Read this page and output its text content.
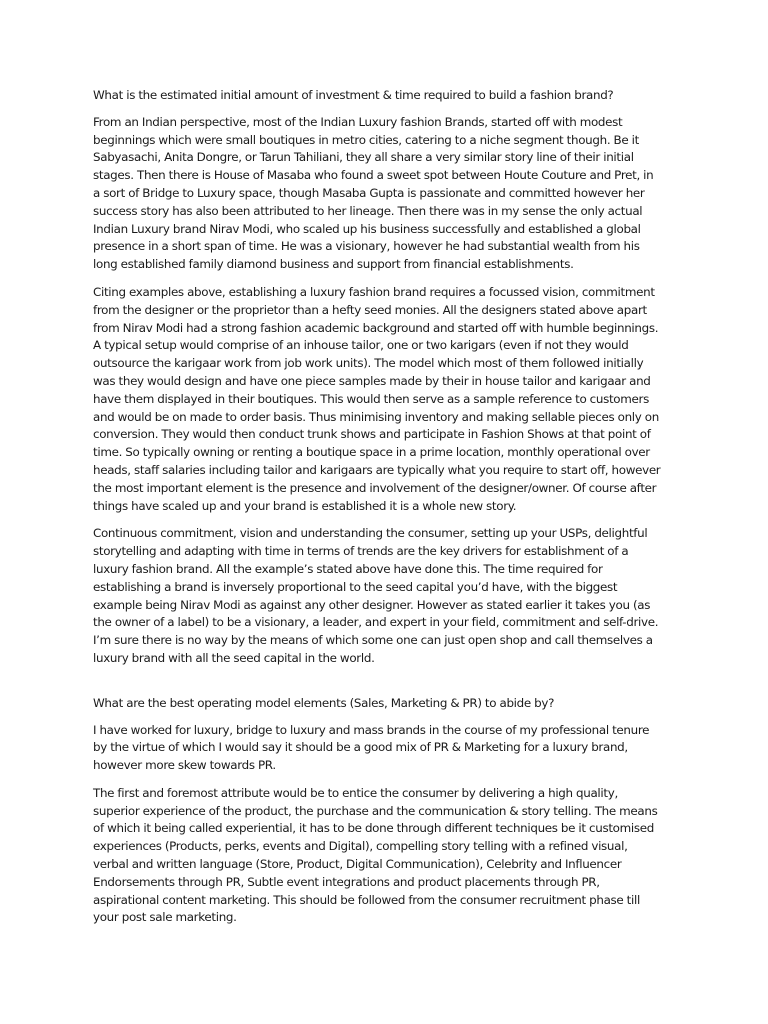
What is the estimated initial amount of investment & time required to build a fashion brand?
From an Indian perspective, most of the Indian Luxury fashion Brands, started off with modest
beginnings which were small boutiques in metro cities, catering to a niche segment though. Be it
Sabyasachi, Anita Dongre, or Tarun Tahiliani, they all share a very similar story line of their initial
stages. Then there is House of Masaba who found a sweet spot between Houte Couture and Pret, in
a sort of Bridge to Luxury space, though Masaba Gupta is passionate and committed however her
success story has also been attributed to her lineage. Then there was in my sense the only actual
Indian Luxury brand Nirav Modi, who scaled up his business successfully and established a global
presence in a short span of time. He was a visionary, however he had substantial wealth from his
long established family diamond business and support from financial establishments.
Citing examples above, establishing a luxury fashion brand requires a focussed vision, commitment
from the designer or the proprietor than a hefty seed monies. All the designers stated above apart
from Nirav Modi had a strong fashion academic background and started off with humble beginnings.
A typical setup would comprise of an inhouse tailor, one or two karigars (even if not they would
outsource the karigaar work from job work units). The model which most of them followed initially
was they would design and have one piece samples made by their in house tailor and karigaar and
have them displayed in their boutiques. This would then serve as a sample reference to customers
and would be on made to order basis. Thus minimising inventory and making sellable pieces only on
conversion. They would then conduct trunk shows and participate in Fashion Shows at that point of
time. So typically owning or renting a boutique space in a prime location, monthly operational over
heads, staff salaries including tailor and karigaars are typically what you require to start off, however
the most important element is the presence and involvement of the designer/owner. Of course after
things have scaled up and your brand is established it is a whole new story.
Continuous commitment, vision and understanding the consumer, setting up your USPs, delightful
storytelling and adapting with time in terms of trends are the key drivers for establishment of a
luxury fashion brand. All the example’s stated above have done this. The time required for
establishing a brand is inversely proportional to the seed capital you’d have, with the biggest
example being Nirav Modi as against any other designer. However as stated earlier it takes you (as
the owner of a label) to be a visionary, a leader, and expert in your field, commitment and self-drive.
I’m sure there is no way by the means of which some one can just open shop and call themselves a
luxury brand with all the seed capital in the world.
What are the best operating model elements (Sales, Marketing & PR) to abide by?
I have worked for luxury, bridge to luxury and mass brands in the course of my professional tenure
by the virtue of which I would say it should be a good mix of PR & Marketing for a luxury brand,
however more skew towards PR.
The first and foremost attribute would be to entice the consumer by delivering a high quality,
superior experience of the product, the purchase and the communication & story telling. The means
of which it being called experiential, it has to be done through different techniques be it customised
experiences (Products, perks, events and Digital), compelling story telling with a refined visual,
verbal and written language (Store, Product, Digital Communication), Celebrity and Influencer
Endorsements through PR, Subtle event integrations and product placements through PR,
aspirational content marketing. This should be followed from the consumer recruitment phase till
your post sale marketing.
